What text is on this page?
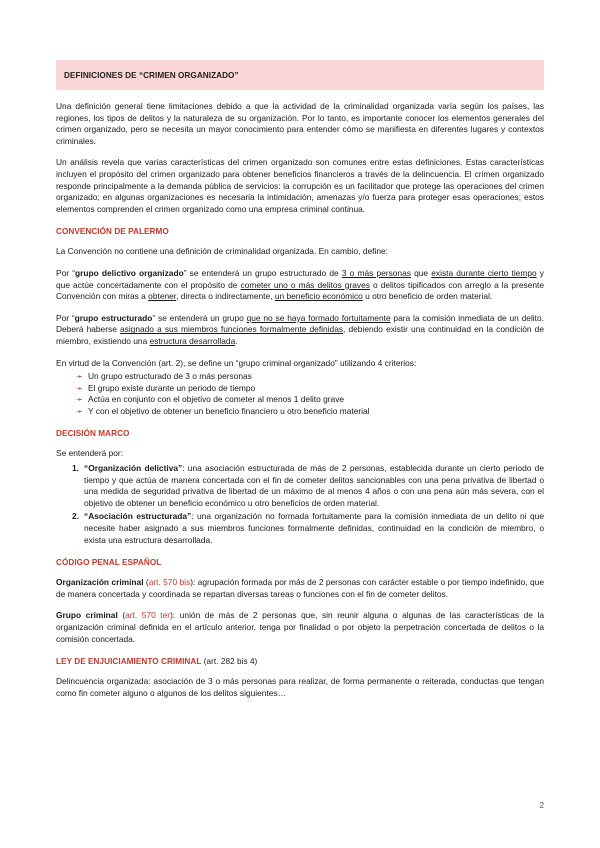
DEFINICIONES DE “CRIMEN ORGANIZADO”

Una definición general tiene limitaciones debido a que la actividad de la criminalidad organizada varía según los países, las regiones, los tipos de delitos y la naturaleza de su organización. Por lo tanto, es importante conocer los elementos generales del crimen organizado, pero se necesita un mayor conocimiento para entender cómo se manifiesta en diferentes lugares y contextos criminales.

Un análisis revela que varias características del crimen organizado son comunes entre estas definiciones. Estas características incluyen el propósito del crimen organizado para obtener beneficios financieros a través de la delincuencia. El crimen organizado responde principalmente a la demanda pública de servicios: la corrupción es un facilitador que protege las operaciones del crimen organizado; en algunas organizaciones es necesaria la intimidación, amenazas y/o fuerza para proteger esas operaciones; estos elementos comprenden el crimen organizado como una empresa criminal continua.

CONVENCIÓN DE PALERMO

La Convención no contiene una definición de criminalidad organizada. En cambio, define:

Por “grupo delictivo organizado” se entenderá un grupo estructurado de 3 o más personas que exista durante cierto tiempo y que actúe concertadamente con el propósito de cometer uno o más delitos graves o delitos tipificados con arreglo a la presente Convención con miras a obtener, directa o indirectamente, un beneficio económico u otro beneficio de orden material.

Por “grupo estructurado” se entenderá un grupo que no se haya formado fortuitamente para la comisión inmediata de un delito. Deberá haberse asignado a sus miembros funciones formalmente definidas, debiendo existir una continuidad en la condición de miembro, existiendo una estructura desarrollada.

En virtud de la Convención (art. 2), se define un “grupo criminal organizado” utilizando 4 criterios:

➛ Un grupo estructurado de 3 o más personas
➛ El grupo existe durante un periodo de tiempo
➛ Actúa en conjunto con el objetivo de cometer al menos 1 delito grave
➛ Y con el objetivo de obtener un beneficio financiero u otro beneficio material
DECISIÓN MARCO

Se entenderá por:

1. “Organización delictiva”: una asociación estructurada de más de 2 personas, establecida durante un cierto periodo de tiempo y que actúa de manera concertada con el fin de cometer delitos sancionables con una pena privativa de libertad o una medida de seguridad privativa de libertad de un máximo de al menos 4 años o con una pena aún más severa, con el objetivo de obtener un beneficio económico u otro beneficios de orden material.
2. “Asociación estructurada”: una organización no formada fortuitamente para la comisión inmediata de un delito ni que necesite haber asignado a sus miembros funciones formalmente definidas, continuidad en la condición de miembro, o exista una estructura desarrollada.
CÓDIGO PENAL ESPAÑOL

Organización criminal (art. 570 bis): agrupación formada por más de 2 personas con carácter estable o por tiempo indefinido, que de manera concertada y coordinada se repartan diversas tareas o funciones con el fin de cometer delitos.

Grupo criminal (art. 570 ter): unión de más de 2 personas que, sin reunir alguna o algunas de las características de la organización criminal definida en el artículo anterior, tenga por finalidad o por objeto la perpetración concertada de delitos o la comisión concertada.

LEY DE ENJUICIAMIENTO CRIMINAL (art. 282 bis 4)

Delincuencia organizada: asociación de 3 o más personas para realizar, de forma permanente o reiterada, conductas que tengan como fin cometer alguno o algunos de los delitos siguientes…

2
